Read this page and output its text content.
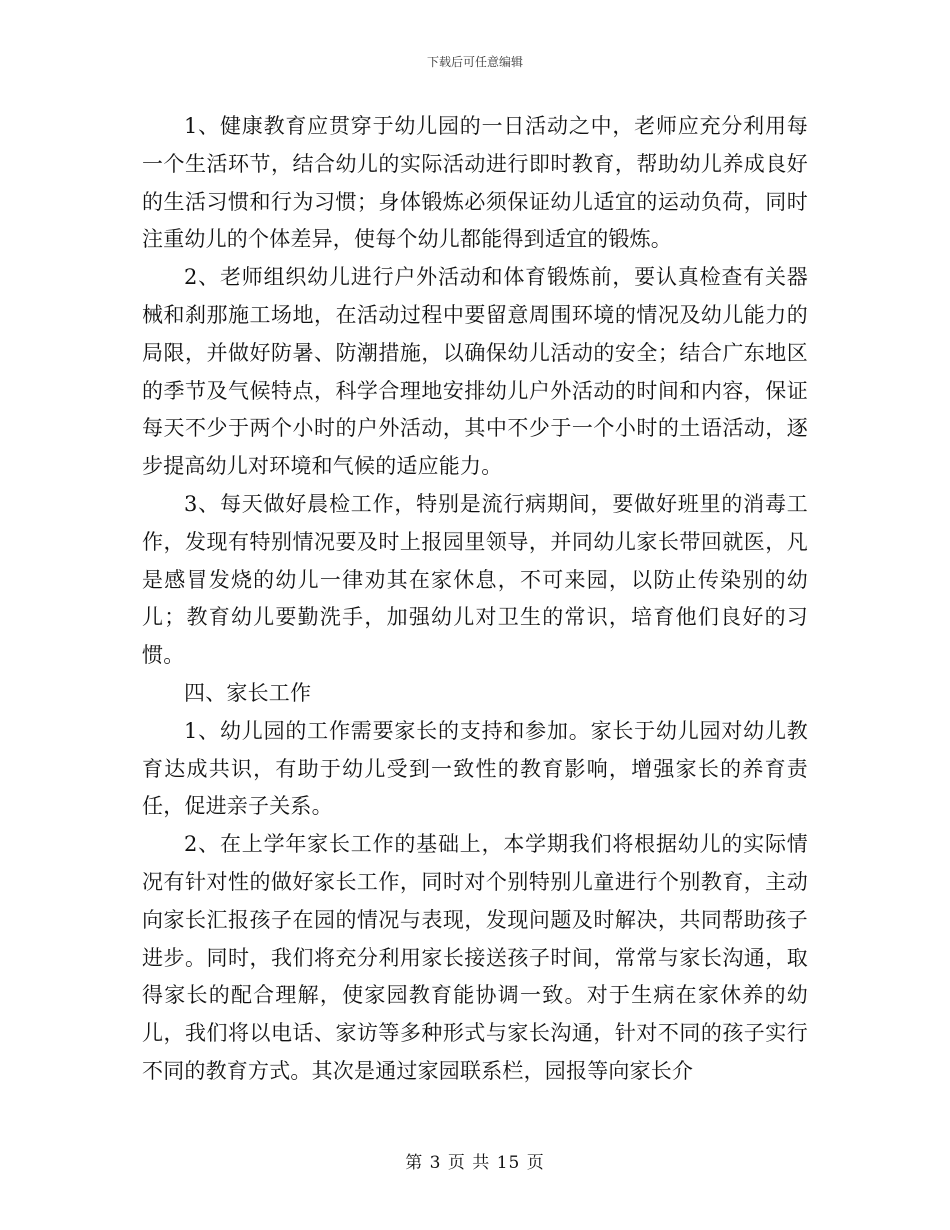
下载后可任意编辑

1、健康教育应贯穿于幼儿园的一日活动之中，老师应充分利用每一个生活环节，结合幼儿的实际活动进行即时教育，帮助幼儿养成良好的生活习惯和行为习惯；身体锻炼必须保证幼儿适宜的运动负荷，同时注重幼儿的个体差异，使每个幼儿都能得到适宜的锻炼。

2、老师组织幼儿进行户外活动和体育锻炼前，要认真检查有关器械和刹那施工场地，在活动过程中要留意周围环境的情况及幼儿能力的局限，并做好防暑、防潮措施，以确保幼儿活动的安全；结合广东地区的季节及气候特点，科学合理地安排幼儿户外活动的时间和内容，保证每天不少于两个小时的户外活动，其中不少于一个小时的土语活动，逐步提高幼儿对环境和气候的适应能力。

3、每天做好晨检工作，特别是流行病期间，要做好班里的消毒工作，发现有特别情况要及时上报园里领导，并同幼儿家长带回就医，凡是感冒发烧的幼儿一律劝其在家休息，不可来园，以防止传染别的幼儿；教育幼儿要勤洗手，加强幼儿对卫生的常识，培育他们良好的习惯。

四、家长工作

1、幼儿园的工作需要家长的支持和参加。家长于幼儿园对幼儿教育达成共识，有助于幼儿受到一致性的教育影响，增强家长的养育责任，促进亲子关系。

2、在上学年家长工作的基础上，本学期我们将根据幼儿的实际情况有针对性的做好家长工作，同时对个别特别儿童进行个别教育，主动向家长汇报孩子在园的情况与表现，发现问题及时解决，共同帮助孩子进步。同时，我们将充分利用家长接送孩子时间，常常与家长沟通，取得家长的配合理解，使家园教育能协调一致。对于生病在家休养的幼儿，我们将以电话、家访等多种形式与家长沟通，针对不同的孩子实行不同的教育方式。其次是通过家园联系栏，园报等向家长介

第 3 页 共 15 页
